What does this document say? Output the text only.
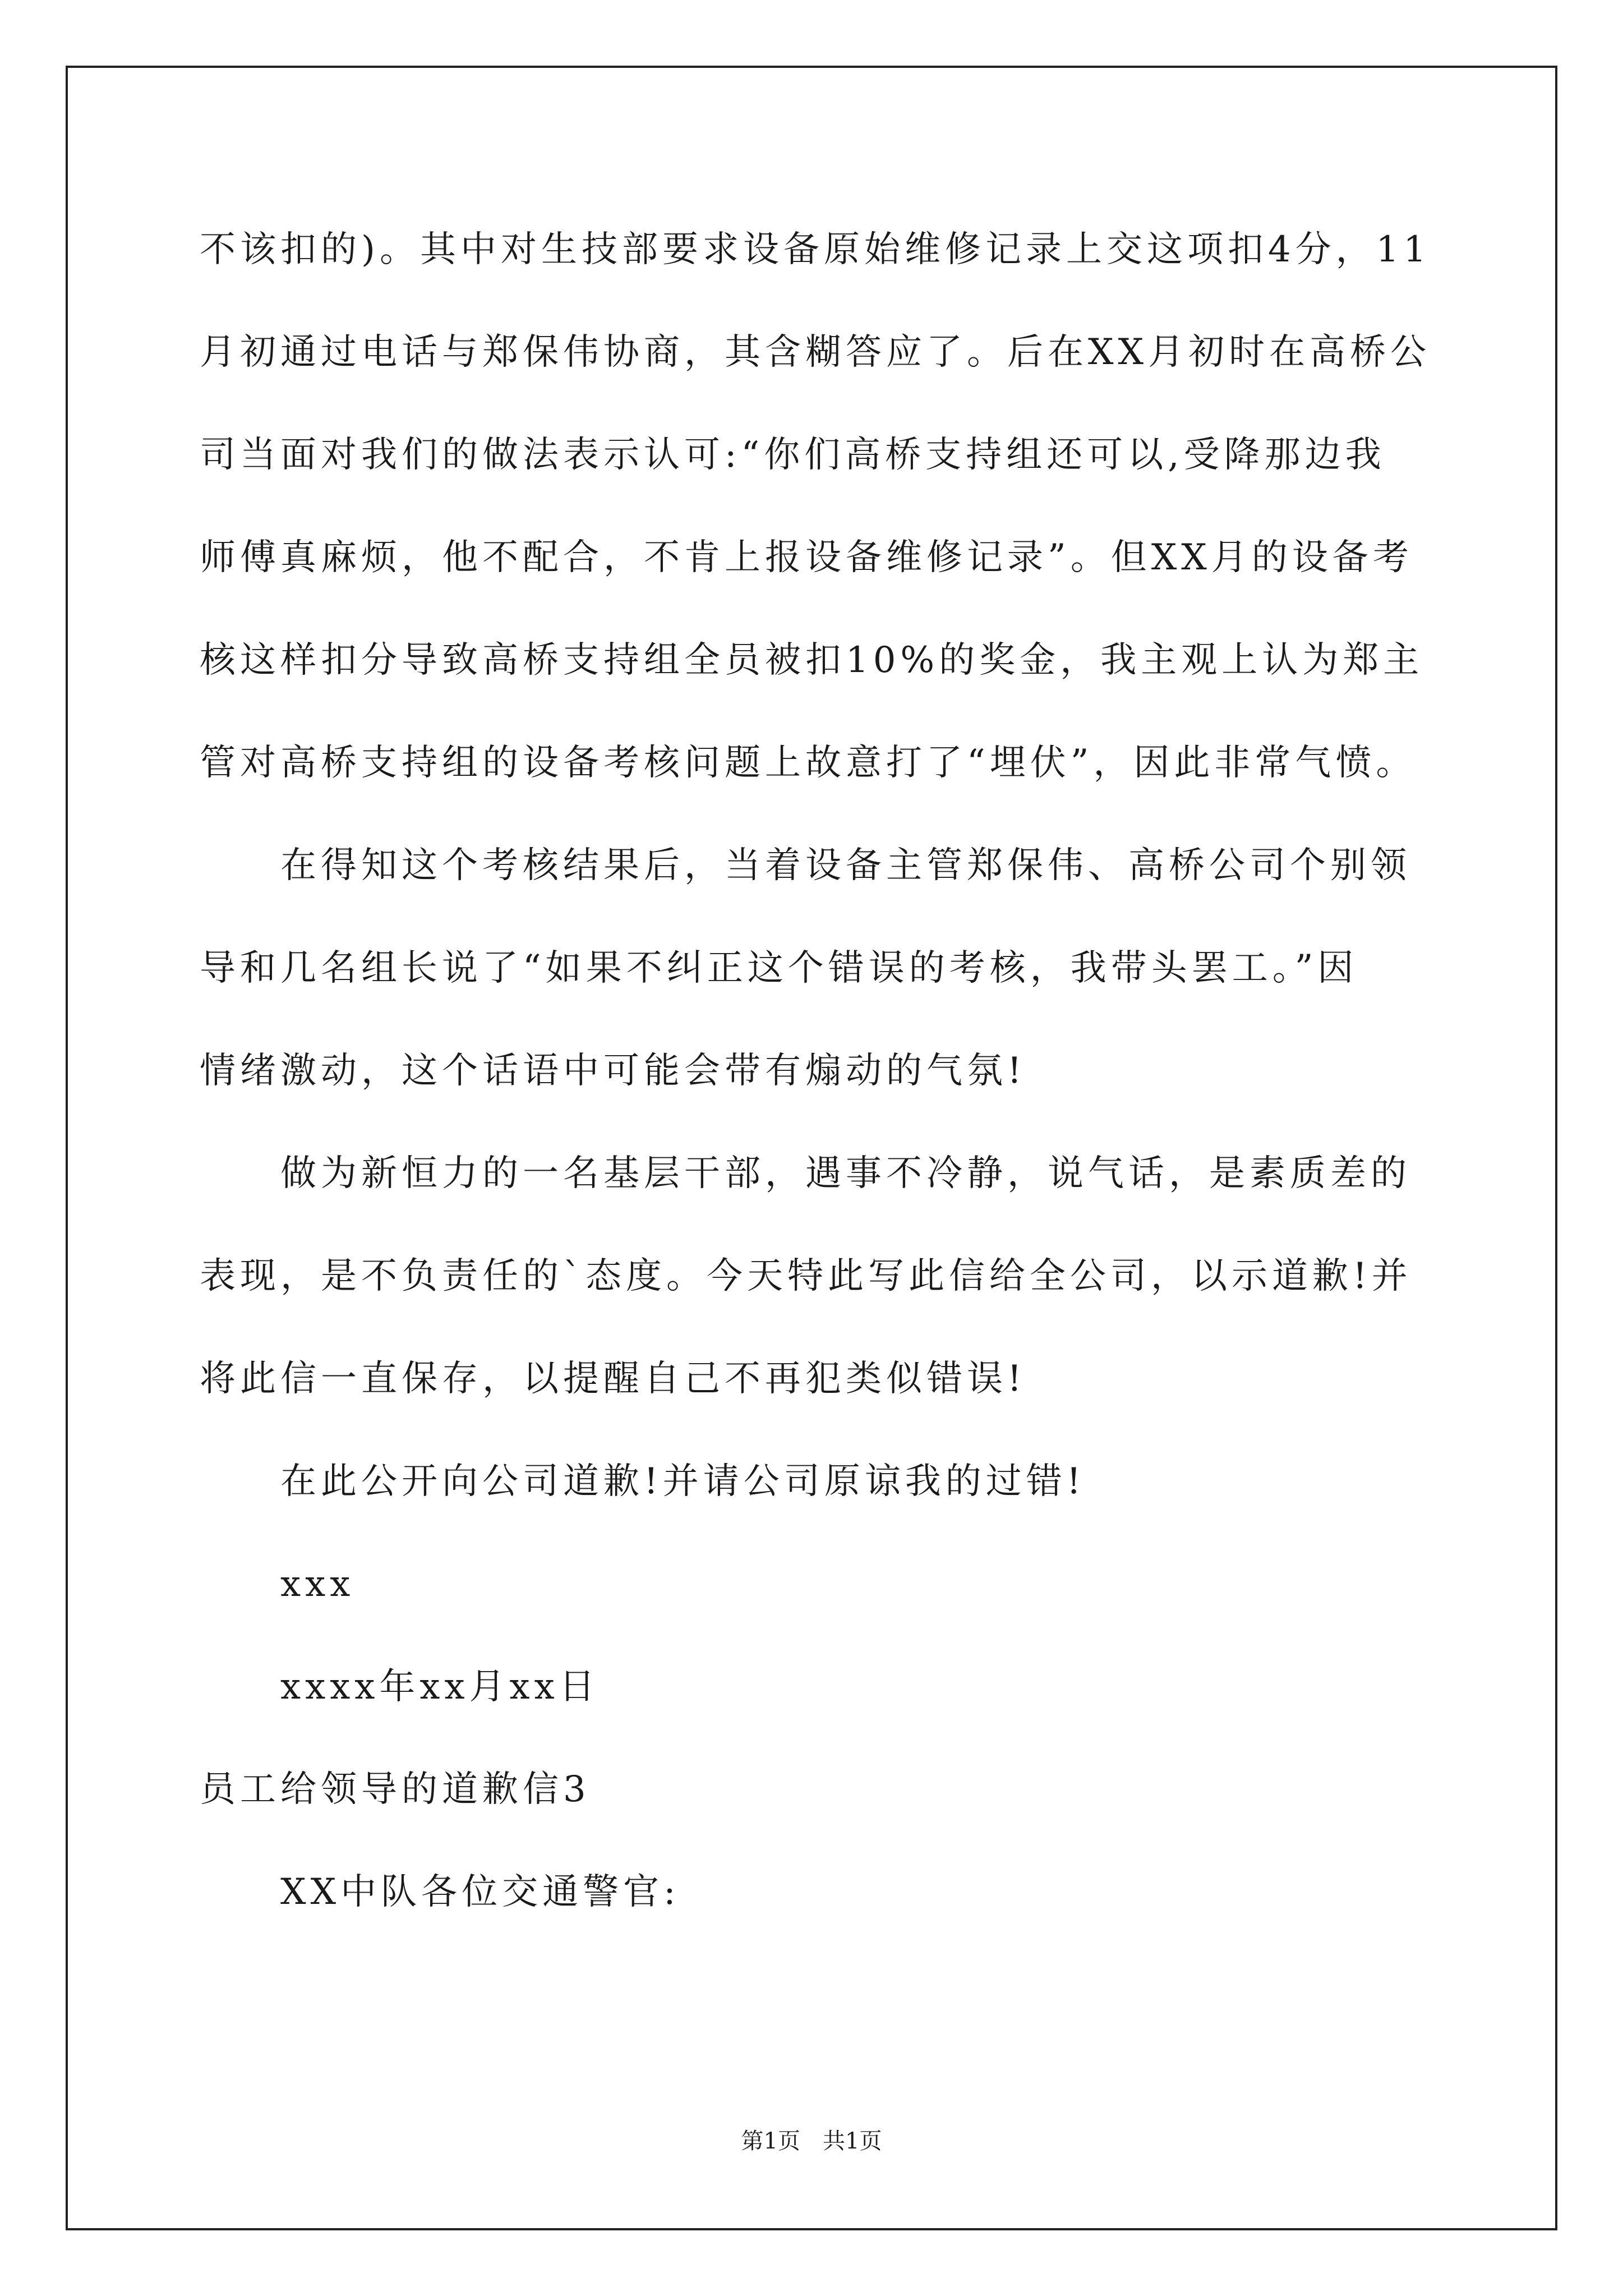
不该扣的)。其中对生技部要求设备原始维修记录上交这项扣4分，11
月初通过电话与郑保伟协商，其含糊答应了。后在XX月初时在高桥公
司当面对我们的做法表示认可:“你们高桥支持组还可以,受降那边我
师傅真麻烦，他不配合，不肯上报设备维修记录”。但XX月的设备考
核这样扣分导致高桥支持组全员被扣10%的奖金，我主观上认为郑主
管对高桥支持组的设备考核问题上故意打了“埋伏”，因此非常气愤。
在得知这个考核结果后，当着设备主管郑保伟、高桥公司个别领
导和几名组长说了“如果不纠正这个错误的考核，我带头罢工。”因
情绪激动，这个话语中可能会带有煽动的气氛!
做为新恒力的一名基层干部，遇事不冷静，说气话，是素质差的
表现，是不负责任的`态度。今天特此写此信给全公司，以示道歉!并
将此信一直保存，以提醒自己不再犯类似错误!
在此公开向公司道歉!并请公司原谅我的过错!
xxx
xxxx年xx月xx日
员工给领导的道歉信3
XX中队各位交通警官:
第1页　共1页
